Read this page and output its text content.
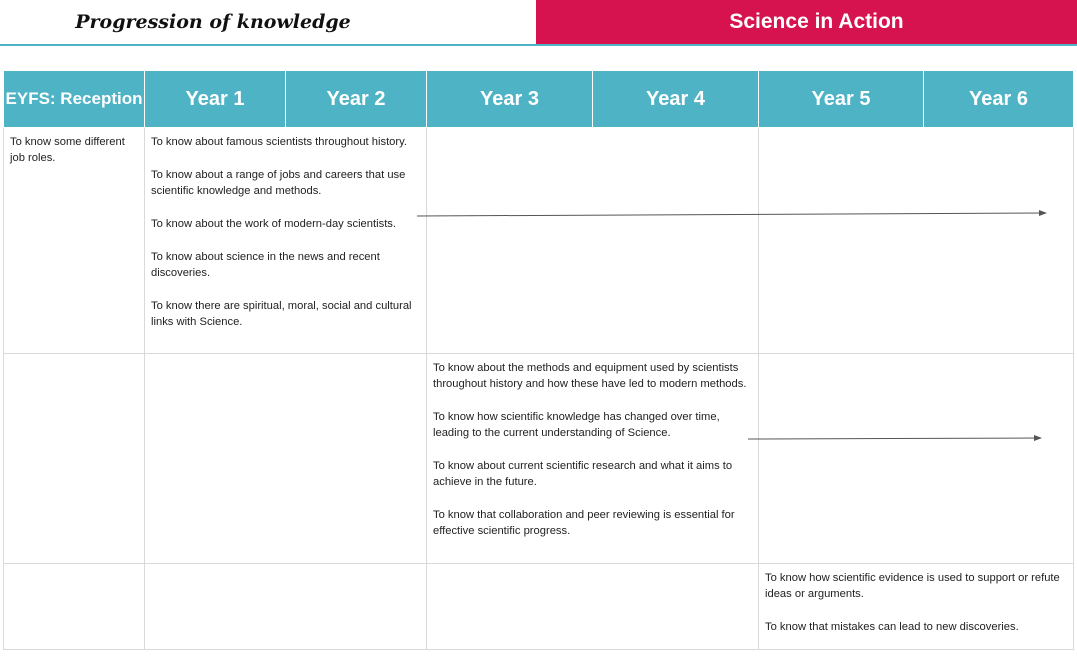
Progression of knowledge	Science in Action
EYFS: Reception	Year 1	Year 2	Year 3	Year 4	Year 5	Year 6

To know some different job roles.	To know about famous scientists throughout history.

To know about a range of jobs and careers that use scientific knowledge and methods.

To know about the work of modern-day scientists.

To know about science in the news and recent discoveries.

To know there are spiritual, moral, social and cultural links with Science.					

			To know about the methods and equipment used by scientists throughout history and how these have led to modern methods.

To know how scientific knowledge has changed over time, leading to the current understanding of Science.

To know about current scientific research and what it aims to achieve in the future.

To know that collaboration and peer reviewing is essential for effective scientific progress.			

					To know how scientific evidence is used to support or refute ideas or arguments.

To know that mistakes can lead to new discoveries.	
